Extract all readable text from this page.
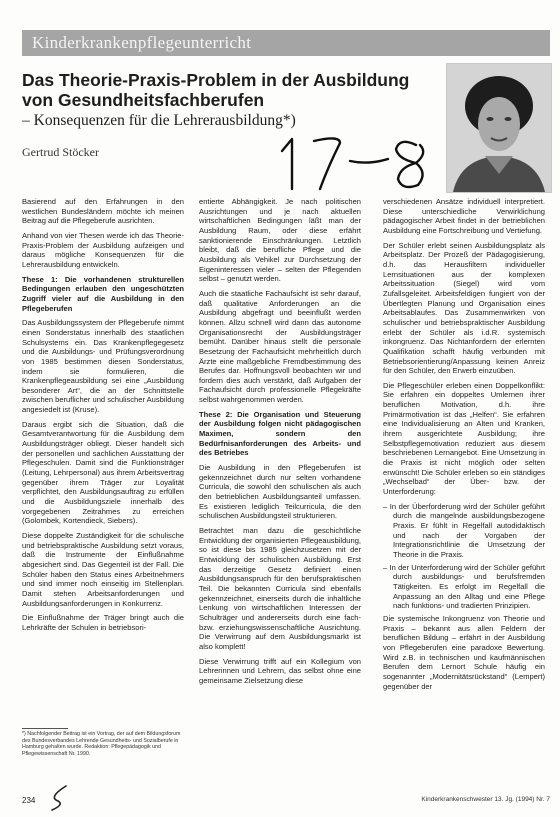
Kinderkrankenpflegeunterricht
Das Theorie-Praxis-Problem in der Ausbildung von Gesundheitsfachberufen
– Konsequenzen für die Lehrerausbildung*)
Gertrud Stöcker

Basierend auf den Erfahrungen in den westlichen Bundesländern möchte ich meinen Beitrag auf die Pflegeberufe ausrichten.

Anhand von vier Thesen werde ich das Theorie-Praxis-Problem der Ausbildung aufzeigen und daraus mögliche Konsequenzen für die Lehrerausbildung entwickeln.

These 1: Die vorhandenen strukturellen Bedingungen erlauben den ungeschützten Zugriff vieler auf die Ausbildung in den Pflegeberufen

Das Ausbildungssystem der Pflegeberufe nimmt einen Sonderstatus innerhalb des staatlichen Schulsystems ein. Das Krankenpflegegesetz und die Ausbildungs- und Prüfungsverordnung von 1985 bestimmen diesen Sonderstatus, indem sie formulieren, die Krankenpflegeausbildung sei eine „Ausbildung besonderer Art“, die an der Schnittstelle zwischen beruflicher und schulischer Ausbildung angesiedelt ist (Kruse).

Daraus ergibt sich die Situation, daß die Gesamtverantwortung für die Ausbildung dem Ausbildungsträger obliegt. Dieser handelt sich der personellen und sachlichen Ausstattung der Pflegeschulen. Damit sind die Funktionsträger (Leitung, Lehrpersonal) aus ihrem Arbeitsvertrag gegenüber ihrem Träger zur Loyalität verpflichtet, den Ausbildungsauftrag zu erfüllen und die Ausbildungsziele innerhalb des vorgegebenen Zeitrahmes zu erreichen (Golombek, Kortendieck, Siebers).

Diese doppelte Zuständigkeit für die schulische und betriebspraktische Ausbildung setzt voraus, daß die Instrumente der Einflußnahme abgesichert sind. Das Gegenteil ist der Fall. Die Schüler haben den Status eines Arbeitnehmers und sind immer noch einseitig im Stellenplan. Damit stehen Arbeitsanforderungen und Ausbildungsanforderungen in Konkurrenz.

Die Einflußnahme der Träger bringt auch die Lehrkräfte der Schulen in betriebsori-

entierte Abhängigkeit. Je nach politischen Ausrichtungen und je nach aktuellen wirtschaftlichen Bedingungen läßt man der Ausbildung Raum, oder diese erfährt sanktionierende Einschränkungen. Letztlich bleibt, daß die berufliche Pflege und die Ausbildung als Vehikel zur Durchsetzung der Eigeninteressen vieler – selten der Pflegenden selbst – genutzt werden.

Auch die staatliche Fachaufsicht ist sehr darauf, daß qualitative Anforderungen an die Ausbildung abgefragt und beeinflußt werden können. Allzu schnell wird dann das autonome Organisationsrecht der Ausbildungsträger bemüht. Darüber hinaus stellt die personale Besetzung der Fachaufsicht mehrheitlich durch Ärzte eine maßgebliche Fremdbestimmung des Berufes dar. Hoffnungsvoll beobachten wir und fordern dies auch verstärkt, daß Aufgaben der Fachaufsicht durch professionelle Pflegekräfte selbst wahrgenommen werden.

These 2: Die Organisation und Steuerung der Ausbildung folgen nicht pädagogischen Maximen, sondern den Bedürfnisanforderungen des Arbeits- und des Betriebes

Die Ausbildung in den Pflegeberufen ist gekennzeichnet durch nur selten vorhandene Curricula, die sowohl den schulischen als auch den betrieblichen Ausbildungsanteil umfassen. Es existieren lediglich Teilcurricula, die den schulischen Ausbildungsteil strukturieren.

Betrachtet man dazu die geschichtliche Entwicklung der organisierten Pflegeausbildung, so ist diese bis 1985 gleichzusetzen mit der Entwicklung der schulischen Ausbildung. Erst das derzeitige Gesetz definiert einen Ausbildungsanspruch für den berufspraktischen Teil. Die bekannten Curricula sind ebenfalls gekennzeichnet, einerseits durch die inhaltliche Lenkung von wirtschaftlichen Interessen der Schulträger und andererseits durch eine fach- bzw. erziehungswissenschaftliche Ausrichtung. Die Verwirrung auf dem Ausbildungsmarkt ist also komplett!

Diese Verwirrung trifft auf ein Kollegium von Lehrerinnen und Lehrern, das selbst ohne eine gemeinsame Zielsetzung diese

verschiedenen Ansätze individuell interpretiert. Diese unterschiedliche Verwirklichung pädagogischer Arbeit findet in der betrieblichen Ausbildung eine Fortschreibung und Vertiefung.

Der Schüler erlebt seinen Ausbildungsplatz als Arbeitsplatz. Der Prozeß der Pädagogisierung, d.h. das Herausfiltern individueller Lernsituationen aus der komplexen Arbeitssituation (Siegel) wird vom Zufallsgeleitet. Arbeitsfeldigen fungiert von der Übertlegten Planung und Organisation eines Arbeitsablaufes. Das Zusammenwirken von schulischer und betriebspraktischer Ausbildung erlebt der Schüler als i.d.R. systemisch inkongruenz. Das Nichtanfordern der erlernten Qualifikation schafft häufig verbunden mit Betriebsorientierung/Anpassung keinen Anreiz für den Schüler, den Erwerb einzuüben.

Die Pflegeschüler erleben einen Doppelkonflikt: Sie erfahren ein doppeltes Umlernen ihrer beruflichen Motivation, d.h. ihre Primärmotivation ist das „Helfen“. Sie erfahren eine Individualisierung an Alten und Kranken, ihrem ausgerichtete Ausbildung; ihre Selbstpflegemotivation reduziert aus diesem beschriebenen Lernangebot. Eine Umsetzung in die Praxis ist nicht möglich oder selten erwünscht! Die Schüler erleben so ein ständiges „Wechselbad“ der Über- bzw. der Unterforderung:

– In der Überforderung wird der Schüler geführt durch die mangelnde ausbildungsbezogene Praxis. Er fühlt in Regelfall autodidaktisch und nach der Vorgaben der Integrationsrichtlinie die Umsetzung der Theorie in die Praxis.

– In der Unterforderung wird der Schüler geführt durch ausbildungs- und berufsfremden Tätigkeiten. Es erfolgt im Regelfall die Anpassung an den Alltag und eine Pflege nach funktions- und tradierten Prinzipien.

Die systemische Inkongruenz von Theorie und Praxis – bekannt aus allen Feldern der beruflichen Bildung – erfährt in der Ausbildung von Pflegeberufen eine paradoxe Bewertung. Wird z.B. in technischen und kaufmännischen Berufen dem Lernort Schule häufig ein sogenannter „Modernitätsrückstand“ (Lempert) gegenüber der

*) Nachfolgender Beitrag ist ein Vortrag, der auf dem Bildungsforum des Bundesverbandes Lehrende Gesundheits- und Sozialberufe in Hamburg gehalten wurde. Redaktion: Pflegepädagogik und Pflegewissenschaft Nr. 1990.
234	Kinderkrankenschwester 13. Jg. (1994) Nr. 7
